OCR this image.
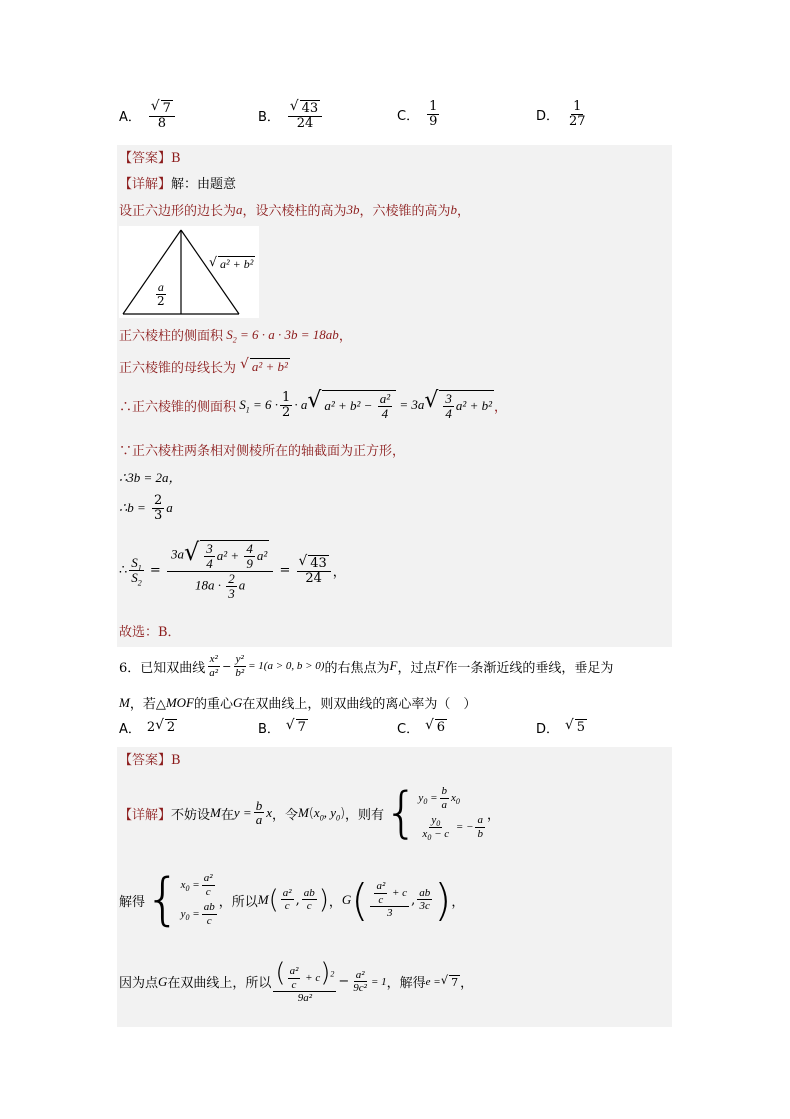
A． $\frac{√ 7}{8}$	B． $\frac{√ 43}{24}$	C． $\frac{1}{9}$	D． $\frac{1}{27}$
【答案】B
【详解】 解：由题意
设正六边形的边长为 a ，设六棱柱的高为 3b ，六棱锥的高为 b ，
$\frac{a}{2}$
√ a² + b²
正六棱柱的侧面积 $S_2 = 6 \cdot a \cdot 3b = 18ab$ ，
正六棱锥的母线长为
√ a² + b²
∴正六棱锥的侧面积 $S_1 = 6 \cdot \frac{1}{2} \cdot a$ √ $a^2 + b^2 - \frac{\text{a²}}{4} = 3a$ √ $\frac{3}{4} a^2 + b^2$ ，
∵正六棱柱两条相对侧棱所在的轴截面为正方形，
∴3b = 2a，
∴b =
$\frac{2}{3}$ a
∴ $\frac{S_1}{S_2} = \frac{3a √ \frac{3}{4} a^2 + \frac{4}{9} a^2}{18a \cdot \frac{2}{3} a} = \frac{√ 43}{24}$ ，
故选：B．
6．已知双曲线 $\frac{\text{x²}}{\text{a²}} - \frac{\text{y²}}{\text{b²}} = 1(a > 0$, b > 0) 的右焦点为 F ，过点 F 作一条渐近线的垂线，垂足为
M ，若△ MOF 的重心 G 在双曲线上，则双曲线的离心率为（　）
A． 2 √ 2	B． √ 7	C． √ 6	D． √ 5
【答案】B
【详解】 不妨设 M 在 $y = \frac{b}{a}$ x ，令 M ( $x_0$, $y_0$ ) ，则有 { $y_0 = \frac{b}{a} x_0$
$\frac{y_0}{x_0 - c}$ = − $\frac{a}{b}$ ，
解得 { $x_0 = \frac{\text{a²}}{c}$
$y_0 = \frac{ab}{c}$ ，所以 M ( $\frac{\text{a²}}{c}$ , $\frac{ab}{c}$ ) ， G ( $\frac{\frac{\text{a²}}{c} + c}{3}$ , $\frac{ab}{3c}$ ) ，
因为点 G 在双曲线上，所以 $\frac{( \frac{\text{a²}}{c} + c)^2}{\text{9a²}} - \frac{\text{a²}}{\text{9c²}} = 1$ ，解得 e = √ 7 ，
